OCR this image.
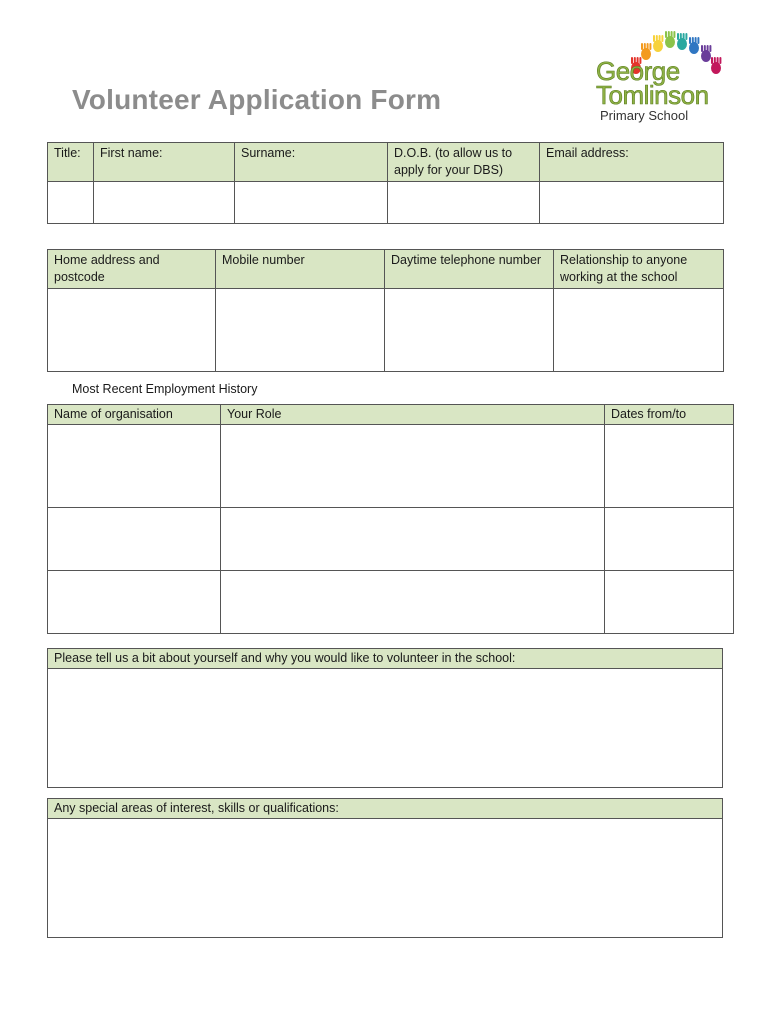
Volunteer Application Form
George
Tomlinson
Primary School
Title:	First name:	Surname:	D.O.B. (to allow us to apply for your DBS)	Email address:

Home address and postcode	Mobile number	Daytime telephone number	Relationship to anyone working at the school

Most Recent Employment History
Name of organisation	Your Role	Dates from/to

Please tell us a bit about yourself and why you would like to volunteer in the school:

Any special areas of interest, skills or qualifications:
